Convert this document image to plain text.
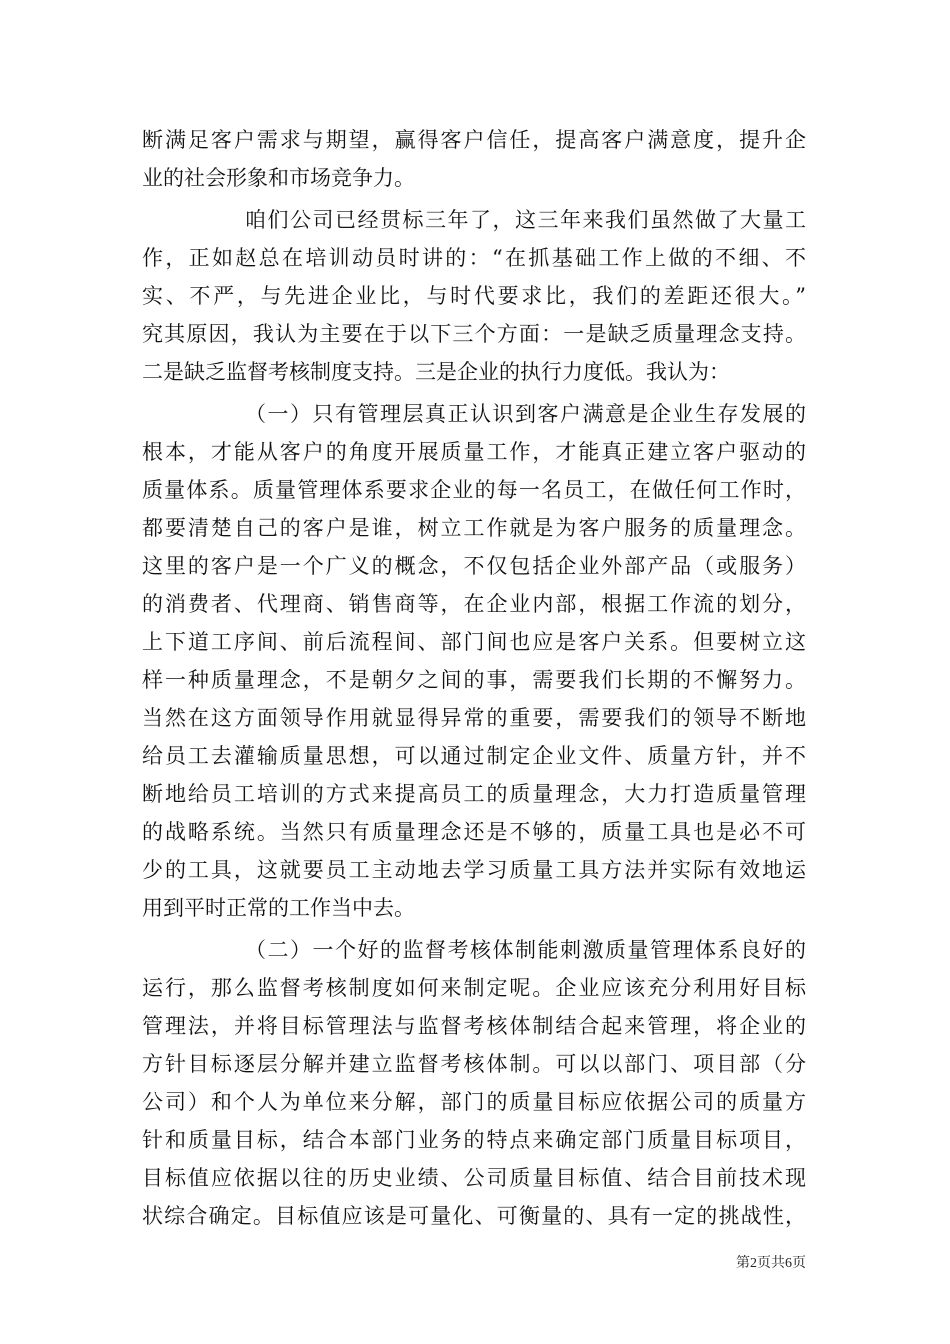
断满足客户需求与期望，赢得客户信任，提高客户满意度，提升企
业的社会形象和市场竞争力。
咱们公司已经贯标三年了，这三年来我们虽然做了大量工
作，正如赵总在培训动员时讲的：“在抓基础工作上做的不细、不
实、不严，与先进企业比，与时代要求比，我们的差距还很大。”
究其原因，我认为主要在于以下三个方面：一是缺乏质量理念支持。
二是缺乏监督考核制度支持。三是企业的执行力度低。我认为：
（一）只有管理层真正认识到客户满意是企业生存发展的
根本，才能从客户的角度开展质量工作，才能真正建立客户驱动的
质量体系。质量管理体系要求企业的每一名员工，在做任何工作时，
都要清楚自己的客户是谁，树立工作就是为客户服务的质量理念。
这里的客户是一个广义的概念，不仅包括企业外部产品（或服务）
的消费者、代理商、销售商等，在企业内部，根据工作流的划分，
上下道工序间、前后流程间、部门间也应是客户关系。但要树立这
样一种质量理念，不是朝夕之间的事，需要我们长期的不懈努力。
当然在这方面领导作用就显得异常的重要，需要我们的领导不断地
给员工去灌输质量思想，可以通过制定企业文件、质量方针，并不
断地给员工培训的方式来提高员工的质量理念，大力打造质量管理
的战略系统。当然只有质量理念还是不够的，质量工具也是必不可
少的工具，这就要员工主动地去学习质量工具方法并实际有效地运
用到平时正常的工作当中去。
（二）一个好的监督考核体制能刺激质量管理体系良好的
运行，那么监督考核制度如何来制定呢。企业应该充分利用好目标
管理法，并将目标管理法与监督考核体制结合起来管理，将企业的
方针目标逐层分解并建立监督考核体制。可以以部门、项目部（分
公司）和个人为单位来分解，部门的质量目标应依据公司的质量方
针和质量目标，结合本部门业务的特点来确定部门质量目标项目，
目标值应依据以往的历史业绩、公司质量目标值、结合目前技术现
状综合确定。目标值应该是可量化、可衡量的、具有一定的挑战性，
第2页共6页
